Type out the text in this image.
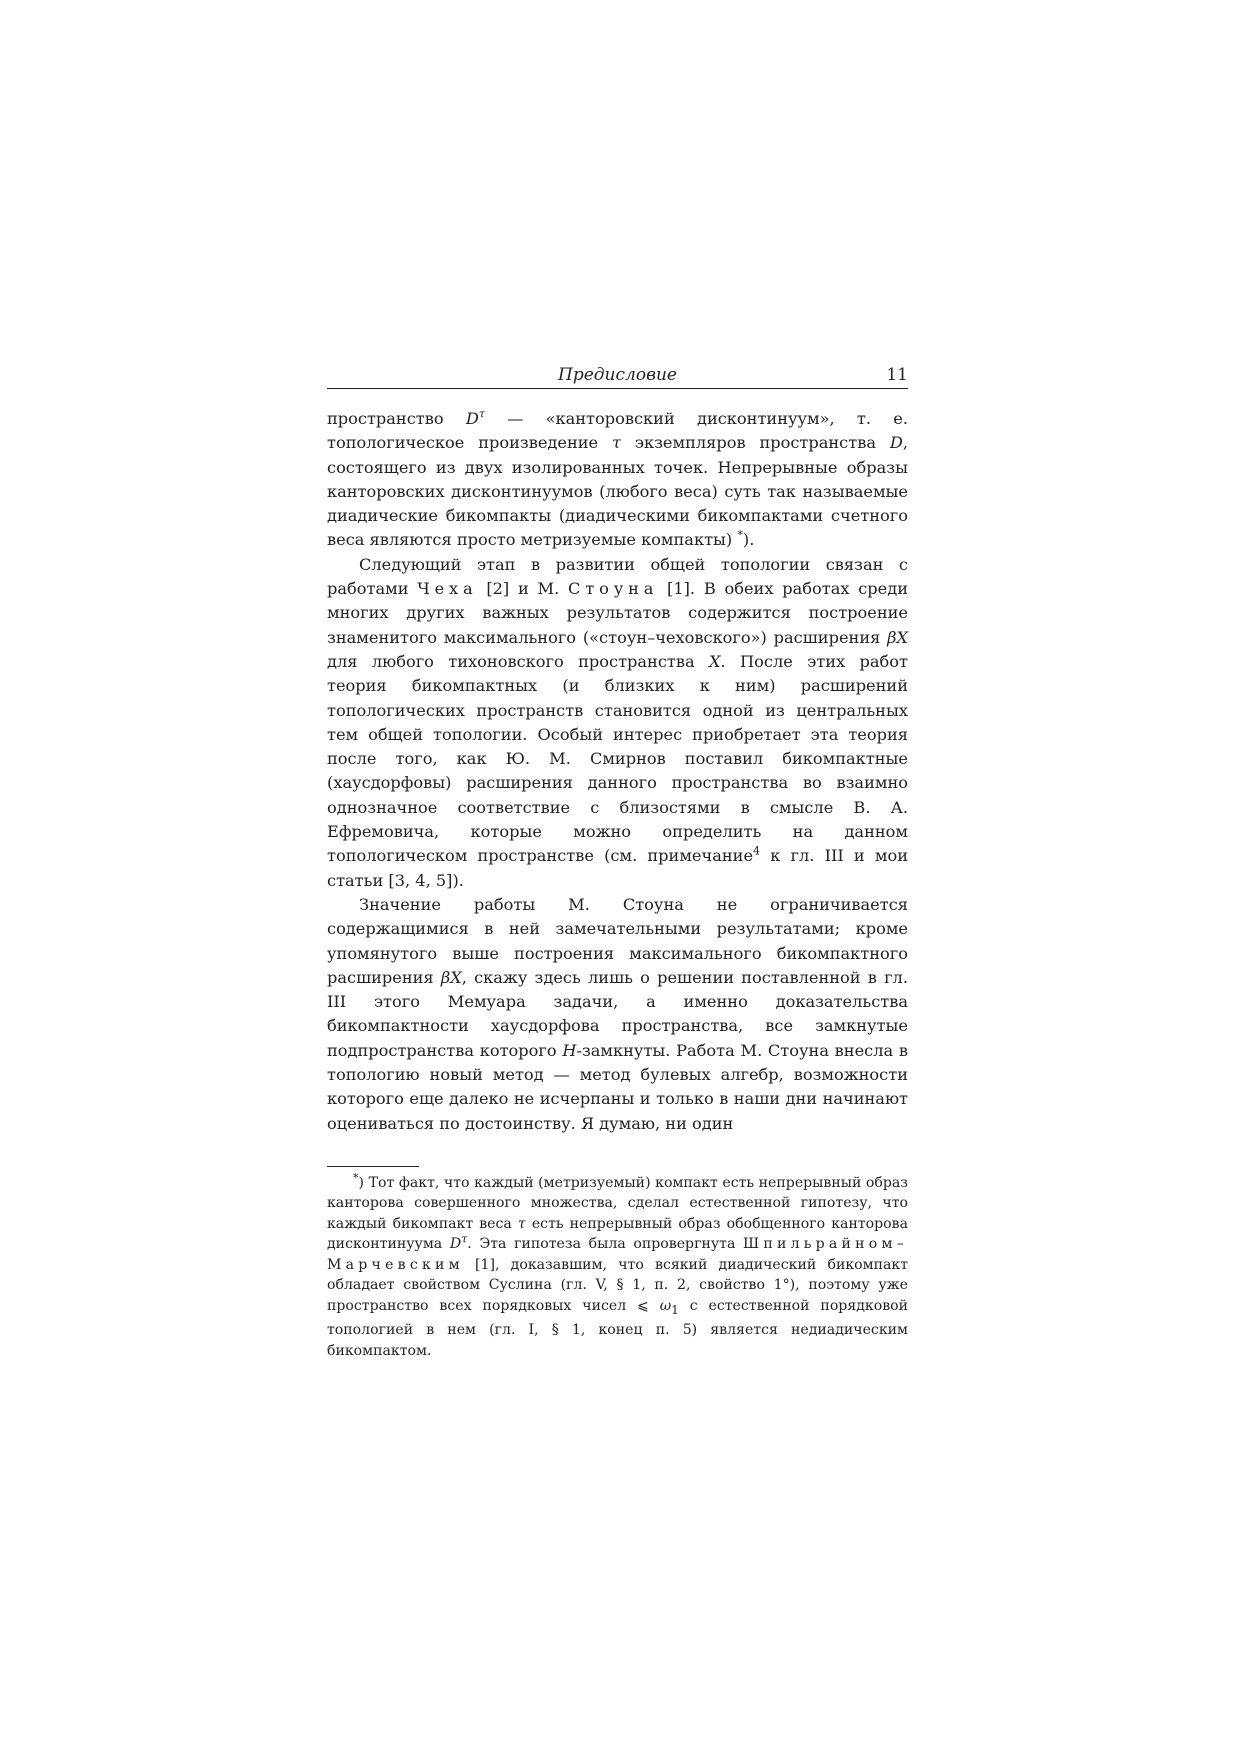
Предисловие	11

пространство $D^\tau$ — «канторовский дисконтинуум», т. е. топологическое произведение τ экземпляров пространства D, состоящего из двух изолированных точек. Непрерывные образы канторовских дисконтинуумов (любого веса) суть так называемые диадические бикомпакты (диадическими бикомпактами счетного веса являются просто метризуемые компакты) *).

Следующий этап в развитии общей топологии связан с работами Чеха [2] и М. Стоуна [1]. В обеих работах среди многих других важных результатов содержится построение знаменитого максимального («стоун–чеховского») расширения βX для любого тихоновского пространства X. После этих работ теория бикомпактных (и близких к ним) расширений топологических пространств становится одной из центральных тем общей топологии. Особый интерес приобретает эта теория после того, как Ю. М. Смирнов поставил бикомпактные (хаусдорфовы) расширения данного пространства во взаимно однозначное соответствие с близостями в смысле В. А. Ефремовича, которые можно определить на данном топологическом пространстве (см. примечание$^4$ к гл. III и мои статьи [3, 4, 5]).

Значение работы М. Стоуна не ограничивается содержащимися в ней замечательными результатами; кроме упомянутого выше построения максимального бикомпактного расширения βX, скажу здесь лишь о решении поставленной в гл. III этого Мемуара задачи, а именно доказательства бикомпактности хаусдорфова пространства, все замкнутые подпространства которого H-замкнуты. Работа М. Стоуна внесла в топологию новый метод — метод булевых алгебр, возможности которого еще далеко не исчерпаны и только в наши дни начинают оцениваться по достоинству. Я думаю, ни один

*) Тот факт, что каждый (метризуемый) компакт есть непрерывный образ канторова совершенного множества, сделал естественной гипотезу, что каждый бикомпакт веса τ есть непрерывный образ обобщенного канторова дисконтинуума $D^\tau$. Эта гипотеза была опровергнута Шпильрайном–Марчевским [1], доказавшим, что всякий диадический бикомпакт обладает свойством Суслина (гл. V, § 1, п. 2, свойство 1°), поэтому уже пространство всех порядковых чисел ⩽ $\omega_1$ с естественной порядковой топологией в нем (гл. I, § 1, конец п. 5) является недиадическим бикомпактом.
